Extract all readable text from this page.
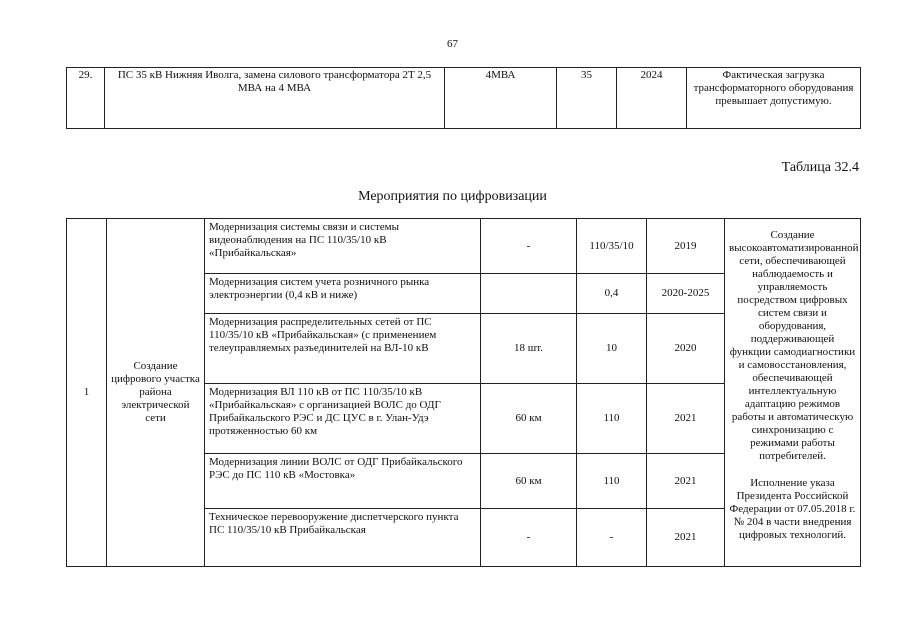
67
29.	ПС 35 кВ Нижняя Иволга, замена силового трансформатора 2Т 2,5 МВА на 4 МВА	4МВА	35	2024	Фактическая загрузка трансформаторного оборудования превышает допустимую.
Таблица 32.4
Мероприятия по цифровизации
1	Создание цифрового участка района электрической сети	Модернизация системы связи и системы видеонаблюдения на ПС 110/35/10 кВ «Прибайкальская»	-	110/35/10	2019	Создание высокоавтоматизированной сети, обеспечивающей наблюдаемость и управляемость посредством цифровых систем связи и оборудования, поддерживающей функции самодиагностики и самовосстановления, обеспечивающей интеллектуальную адаптацию режимов работы и автоматическую синхронизацию с режимами работы потребителей.

Исполнение указа Президента Российской Федерации от 07.05.2018 г. № 204 в части внедрения цифровых технологий.

		Модернизация систем учета розничного рынка электроэнергии (0,4 кВ и ниже)		0,4	2020-2025	
		Модернизация распределительных сетей от ПС 110/35/10 кВ «Прибайкальская» (с применением телеуправляемых разъединителей на ВЛ-10 кВ	18 шт.	10	2020	
		Модернизация ВЛ 110 кВ от ПС 110/35/10 кВ «Прибайкальская» с организацией ВОЛС до ОДГ Прибайкальского РЭС и ДС ЦУС в г. Улан-Удэ протяженностью 60 км	60 км	110	2021	
		Модернизация линии ВОЛС от ОДГ Прибайкальского РЭС до ПС 110 кВ «Мостовка»	60 км	110	2021	
		Техническое перевооружение диспетчерского пункта ПС 110/35/10 кВ Прибайкальская	-	-	2021	
